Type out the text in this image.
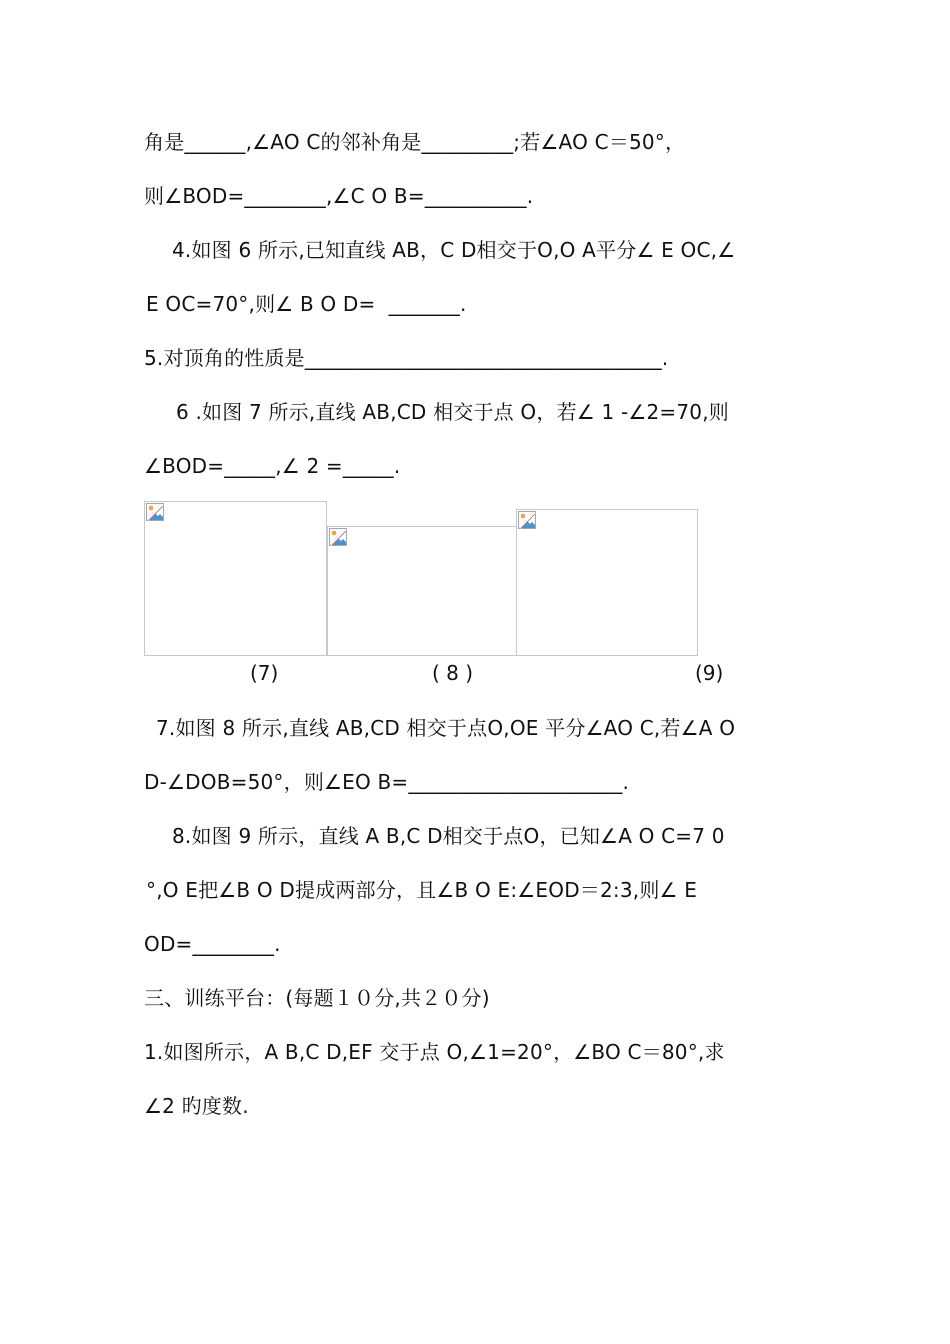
角是______,∠AO C的邻补角是_________;若∠AO C＝50°，
则∠BOD=________,∠C O B=__________.
4.如图 6 所示,已知直线 AB，C D相交于O,O A平分∠ E OC,∠
E OC=70°,则∠ B O D=  _______.
5.对顶角的性质是___________________________________.
6 .如图 7 所示,直线 AB,CD 相交于点 O，若∠ 1 -∠2=70,则
∠BOD=_____,∠ 2 =_____.
(7)	( 8 )	(9)
7.如图 8 所示,直线 AB,CD 相交于点O,OE 平分∠AO C,若∠A O
D-∠DOB=50°，则∠EO B=_____________________.
8.如图 9 所示，直线 A B,C D相交于点O，已知∠A O C=7 0
°,O E把∠B O D提成两部分，且∠B O E:∠EOD＝2:3,则∠ E
OD=________.
三、训练平台：(每题１０分,共２０分)
1.如图所示，A B,C D,EF 交于点 O,∠1=20°，∠BO C＝80°,求
∠2 旳度数.
